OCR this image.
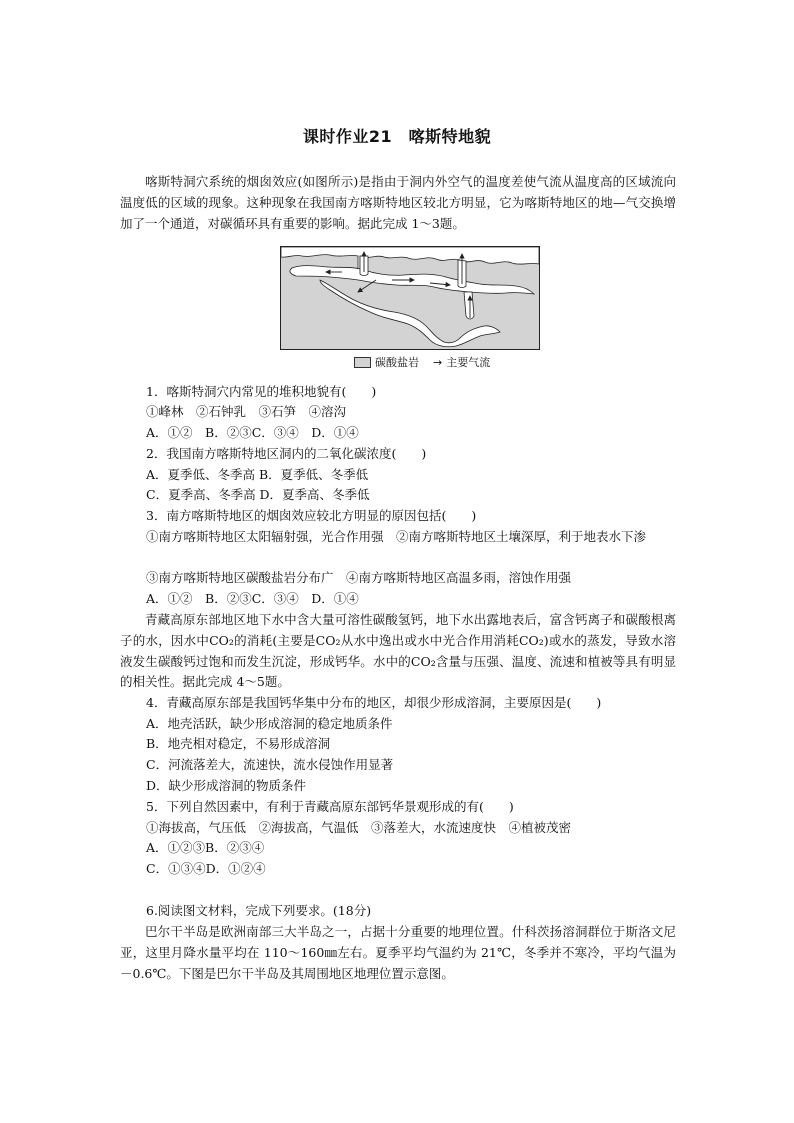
课时作业21　喀斯特地貌

喀斯特洞穴系统的烟囱效应(如图所示)是指由于洞内外空气的温度差使气流从温度高的区域流向温度低的区域的现象。这种现象在我国南方喀斯特地区较北方明显，它为喀斯特地区的地—气交换增加了一个通道，对碳循环具有重要的影响。据此完成 1～3题。

碳酸盐岩 → 主要气流
1．喀斯特洞穴内常见的堆积地貌有(　　)
①峰林　②石钟乳　③石笋　④溶沟
A．①②　B．②③C．③④　D．①④
2．我国南方喀斯特地区洞内的二氧化碳浓度(　　)
A．夏季低、冬季高 B．夏季低、冬季低
C．夏季高、冬季高 D．夏季高、冬季低
3．南方喀斯特地区的烟囱效应较北方明显的原因包括(　　)
①南方喀斯特地区太阳辐射强，光合作用强　②南方喀斯特地区土壤深厚，利于地表水下渗
③南方喀斯特地区碳酸盐岩分布广　④南方喀斯特地区高温多雨，溶蚀作用强
A．①②　B．②③C．③④　D．①④

青藏高原东部地区地下水中含大量可溶性碳酸氢钙，地下水出露地表后，富含钙离子和碳酸根离子的水，因水中CO₂的消耗(主要是CO₂从水中逸出或水中光合作用消耗CO₂)或水的蒸发，导致水溶液发生碳酸钙过饱和而发生沉淀，形成钙华。水中的CO₂含量与压强、温度、流速和植被等具有明显的相关性。据此完成 4～5题。

4．青藏高原东部是我国钙华集中分布的地区，却很少形成溶洞，主要原因是(　　)
A．地壳活跃，缺少形成溶洞的稳定地质条件
B．地壳相对稳定，不易形成溶洞
C．河流落差大，流速快，流水侵蚀作用显著
D．缺少形成溶洞的物质条件
5．下列自然因素中，有利于青藏高原东部钙华景观形成的有(　　)
①海拔高，气压低　②海拔高，气温低　③落差大，水流速度快　④植被茂密
A．①②③B．②③④
C．①③④D．①②④
6.阅读图文材料，完成下列要求。(18分)

巴尔干半岛是欧洲南部三大半岛之一，占据十分重要的地理位置。什科茨扬溶洞群位于斯洛文尼亚，这里月降水量平均在 110～160㎜左右。夏季平均气温约为 21℃，冬季并不寒冷，平均气温为－0.6℃。下图是巴尔干半岛及其周围地区地理位置示意图。
